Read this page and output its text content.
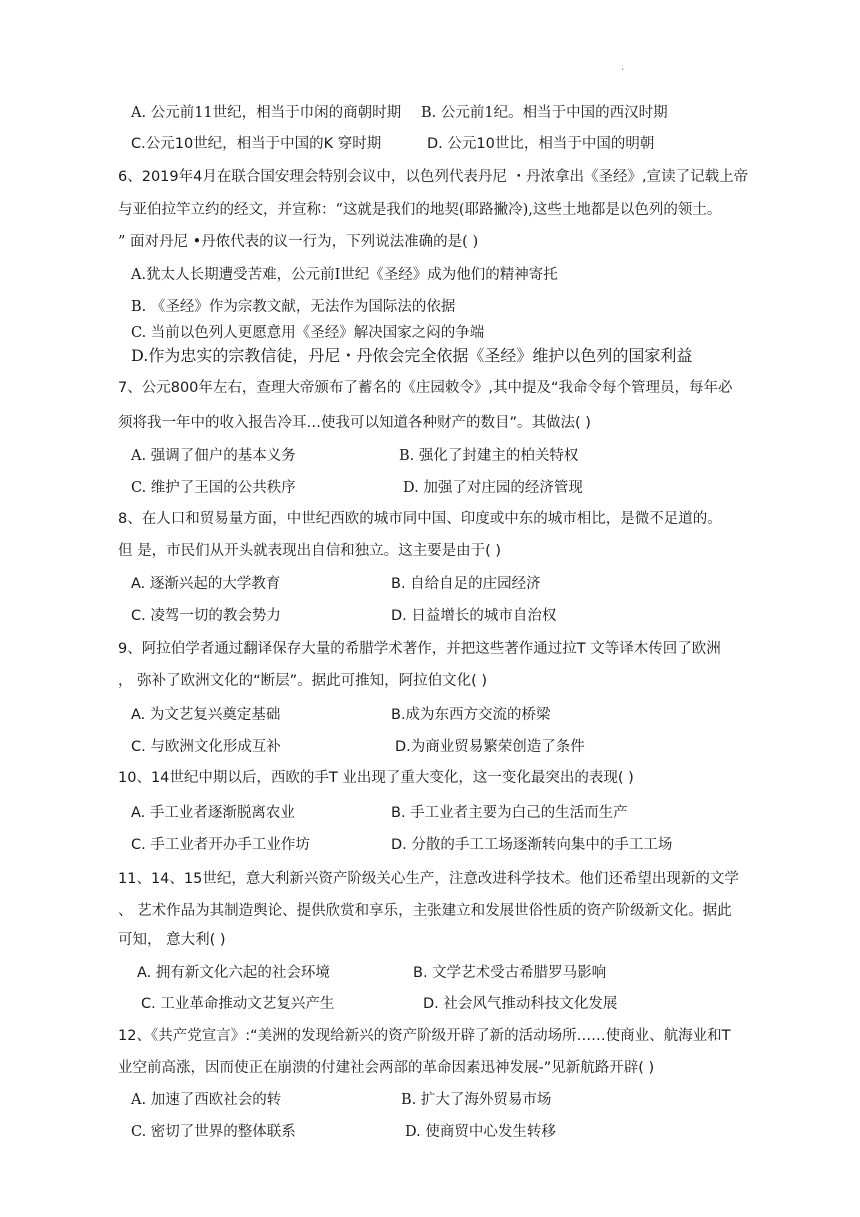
.
A. 公元前11世纪，相当于巾闲的商朝时期 B. 公元前1纪。相当于中国的西汉时期
C.公元10世纪，相当于中国的K 穿时期	D. 公元10世比，相当于中国的明朝
6、2019年4月在联合国安理会特别会议中，以色列代表丹尼 ・丹浓拿出《圣经》,宣读了记载上帝
与亚伯拉竿立约的经文，并宣称：“这就是我们的地契(耶路撇冷),这些土地都是以色列的领土。
” 面对丹尼 •丹侬代表的议一行为，下列说法准确的是( )
A.犹太人长期遭受苦难，公元前Ⅰ世纪《圣经》成为他们的精神寄托
B. 《圣经》作为宗教文献，无法作为国际法的依据
C. 当前以色列人更愿意用《圣经》解决国家之闷的争端
D.作为忠实的宗教信徒，丹尼・丹侬会完全依据《圣经》维护以色列的国家利益
7、公元800年左右，查理大帝颁布了蓄名的《庄园敕令》,其中提及“我命令每个管理员，每年必
须将我一年中的收入报告冷耳…使我可以知道各种财产的数目”。其做法( )
A. 强调了佃户的基本义务	B. 强化了封建主的柏关特权
C. 维护了王国的公共秩序	D. 加强了对庄园的经济管现
8、在人口和贸易量方面，中世纪西欧的城市同中国、印度或中东的城市相比，是微不足道的。
但 是，市民们从开头就表现出自信和独立。这主要是由于( )
A. 逐渐兴起的大学教育	B. 自给自足的庄园经济
C. 凌驾一切的教会势力	D. 日益增长的城市自治权
9、阿拉伯学者通过翻译保存大量的希腊学术著作，并把这些著作通过拉T 文等译木传回了欧洲
， 弥补了欧洲文化的“断层”。据此可推知，阿拉伯文化( )
A. 为文艺复兴奠定基础	B.成为东西方交流的桥梁
C. 与欧洲文化形成互补	D.为商业贸易繁荣创造了条件
10、14世纪中期以后，西欧的手T 业出现了重大变化，这一变化最突出的表现( )
A. 手工业者逐渐脱离农业	B. 手工业者主要为白己的生活而生产
C. 手工业者开办手工业作坊	D. 分散的手工工场逐渐转向集中的手工工场
11、14、15世纪，意大利新兴资产阶级关心生产，注意改进科学技术。他们还希望出现新的文学
、 艺术作品为其制造舆论、提供欣赏和享乐，主张建立和发展世俗性质的资产阶级新文化。据此
可知， 意大利( )
A. 拥有新文化六起的社会环境	B. 文学艺术受古希腊罗马影响
C. 工业革命推动文艺复兴产生	D. 社会风气推动科技文化发展
12、《共产党宣言》:“美洲的发现给新兴的资产阶级开辟了新的活动场所……使商业、航海业和T
业空前高涨，因而使正在崩溃的付建社会两部的革命因素迅神发展-”见新航路开辟( )
A. 加速了西欧社会的转	B. 扩大了海外贸易市场
C. 密切了世界的整体联系	D. 使商贸中心发生转移
